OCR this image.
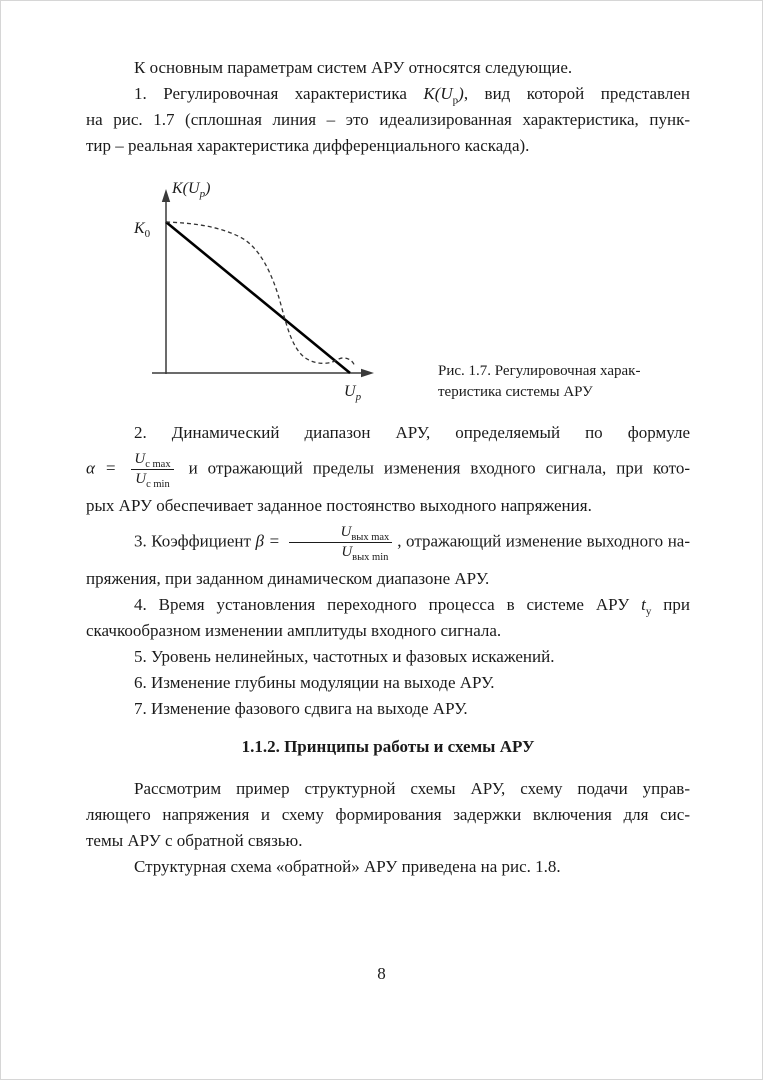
К основным параметрам систем АРУ относятся следующие.
1. Регулировочная характеристика $K(U_р)$, вид которой представлен
на рис. 1.7 (сплошная линия – это идеализированная характеристика, пунк-
тир – реальная характеристика дифференциального каскада).
$K(U_р)$
$K_0$
$U_р$
Рис. 1.7. Регулировочная харак-
теристика системы АРУ
2. Динамический диапазон АРУ, определяемый по формуле
$\alpha = \frac{U_{с max}}{U_{с min}}$ и отражающий пределы изменения входного сигнала, при кото-
рых АРУ обеспечивает заданное постоянство выходного напряжения.
3. Коэффициент $\beta = \frac{U_{вых max}}{U_{вых min}}$ , отражающий изменение выходного на-
пряжения, при заданном динамическом диапазоне АРУ.
4. Время установления переходного процесса в системе АРУ $t_у$ при
скачкообразном изменении амплитуды входного сигнала.
5. Уровень нелинейных, частотных и фазовых искажений.
6. Изменение глубины модуляции на выходе АРУ.
7. Изменение фазового сдвига на выходе АРУ.
1.1.2. Принципы работы и схемы АРУ
Рассмотрим пример структурной схемы АРУ, схему подачи управ-
ляющего напряжения и схему формирования задержки включения для сис-
темы АРУ с обратной связью.
Структурная схема «обратной» АРУ приведена на рис. 1.8.
8
